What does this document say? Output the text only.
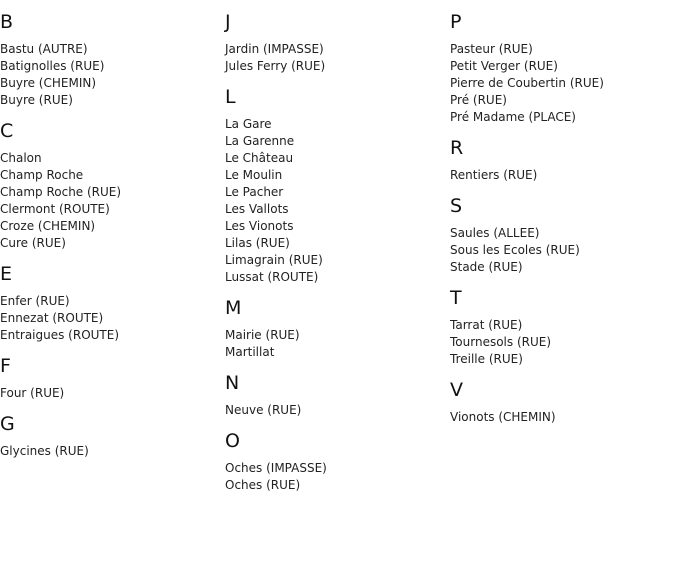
B
Bastu (AUTRE)
Batignolles (RUE)
Buyre (CHEMIN)
Buyre (RUE)
C
Chalon
Champ Roche
Champ Roche (RUE)
Clermont (ROUTE)
Croze (CHEMIN)
Cure (RUE)
E
Enfer (RUE)
Ennezat (ROUTE)
Entraigues (ROUTE)
F
Four (RUE)
G
Glycines (RUE)
J
Jardin (IMPASSE)
Jules Ferry (RUE)
L
La Gare
La Garenne
Le Château
Le Moulin
Le Pacher
Les Vallots
Les Vionots
Lilas (RUE)
Limagrain (RUE)
Lussat (ROUTE)
M
Mairie (RUE)
Martillat
N
Neuve (RUE)
O
Oches (IMPASSE)
Oches (RUE)
P
Pasteur (RUE)
Petit Verger (RUE)
Pierre de Coubertin (RUE)
Pré (RUE)
Pré Madame (PLACE)
R
Rentiers (RUE)
S
Saules (ALLEE)
Sous les Ecoles (RUE)
Stade (RUE)
T
Tarrat (RUE)
Tournesols (RUE)
Treille (RUE)
V
Vionots (CHEMIN)
